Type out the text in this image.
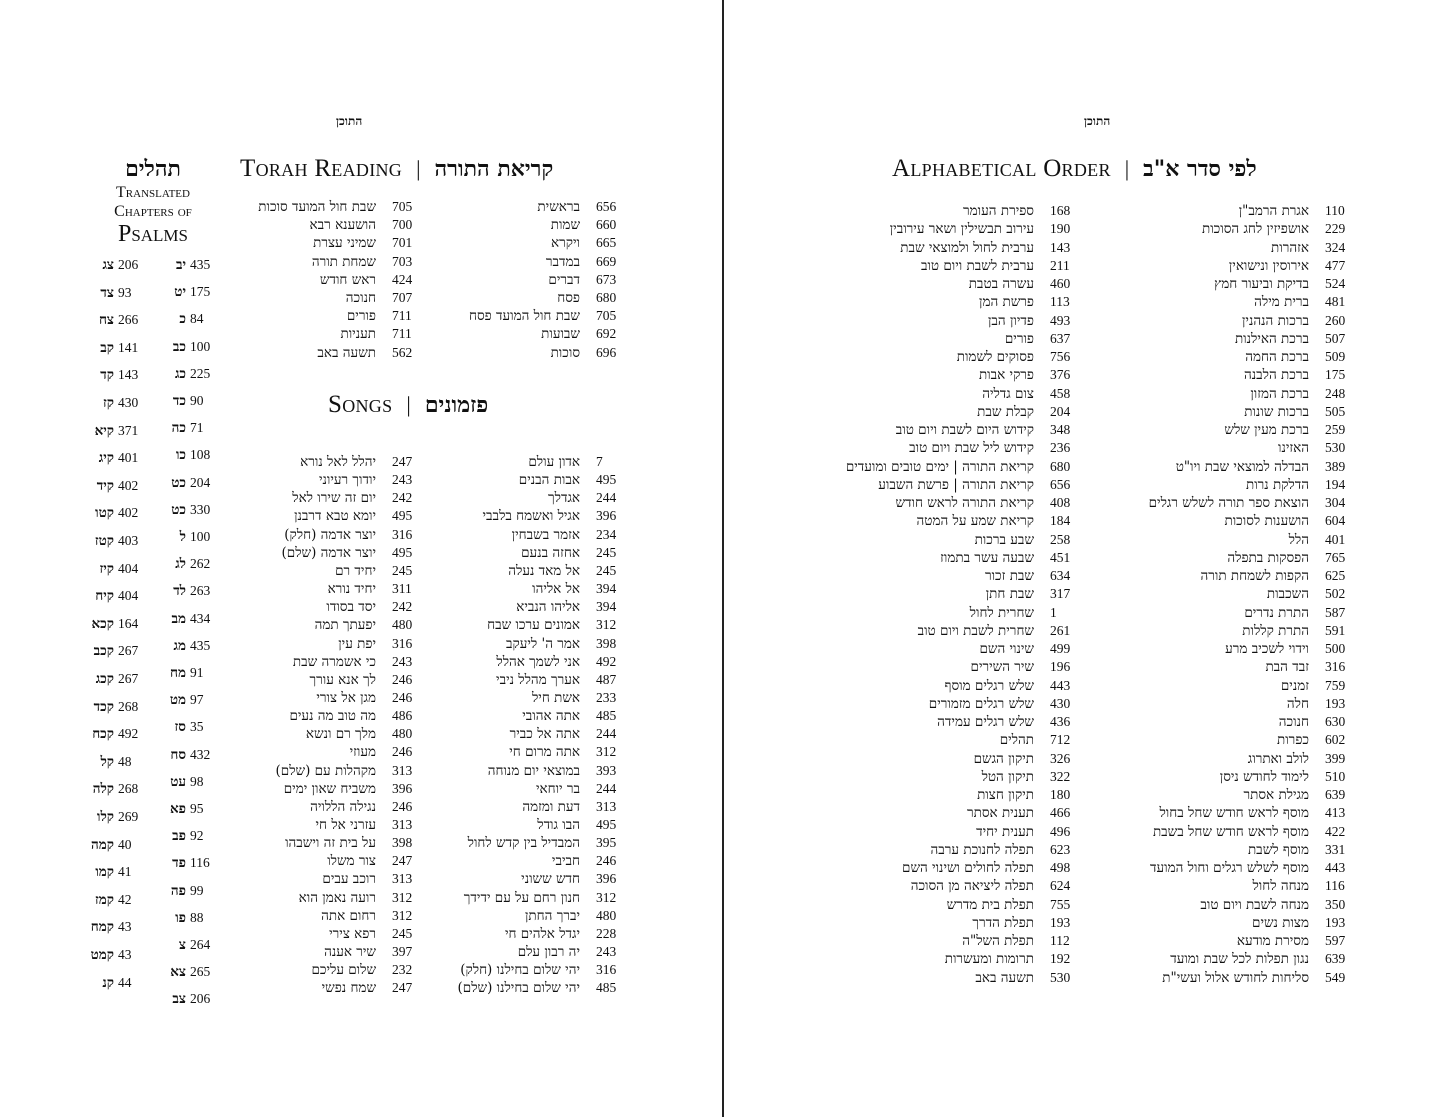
התוכן
Torah Reading | קריאת התורה
656
בראשית
660
שמות
665
ויקרא
669
במדבר
673
דברים
680
פסח
705
שבת חול המועד פסח
692
שבועות
696
סוכות
705
שבת חול המועד סוכות
700
הושענא רבא
701
שמיני עצרת
703
שמחת תורה
424
ראש חודש
707
חנוכה
711
פורים
711
תעניות
562
תשעה באב
Songs | פזמונים
7
אדון עולם
495
אבות הבנים
244
אגדלך
396
אגיל ואשמח בלבבי
234
אזמר בשבחין
245
אחזה בנעם
245
אל מאד נעלה
394
אל אליהו
394
אליהו הנביא
312
אמונים ערכו שבח
398
אמר ה' ליעקב
492
אני לשמך אהלל
487
אערך מהלל ניבי
233
אשת חיל
485
אתה אהובי
244
אתה אל כביר
312
אתה מרום חי
393
במוצאי יום מנוחה
244
בר יוחאי
313
דעת ומזמה
495
הבו גודל
395
המבדיל בין קדש לחול
246
חביבי
396
חדש ששוני
312
חנון רחם על עם ידידך
480
יברך החתן
228
יגדל אלהים חי
243
יה רבון עלם
316
יהי שלום בחילנו (חלק)
485
יהי שלום בחילנו (שלם)
247
יהלל לאל נורא
243
יודוך רעיוני
242
יום זה שירו לאל
495
יומא טבא דרבנן
316
יוצר אדמה (חלק)
495
יוצר אדמה (שלם)
245
יחיד רם
311
יחיד נורא
242
יסד בסודו
480
יפעתך תמה
316
יפת עין
243
כי אשמרה שבת
246
לך אנא עורך
246
מגן אל צורי
486
מה טוב מה נעים
480
מלך רם ונשא
246
מעוזי
313
מקהלות עם (שלם)
396
משביח שאון ימים
246
נגילה הללויה
313
עזרני אל חי
398
על בית זה וישבהו
247
צור משלו
313
רוכב עבים
312
רועה נאמן הוא
312
רחום אתה
245
רפא צירי
397
שיר אענה
232
שלום עליכם
247
שמח נפשי
תהלים
Translated
Chapters of
Psalms
435
יב
175
יט
84
כ
100
כב
225
כג
90
כד
71
כה
108
כו
204
כט
330
כט
100
ל
262
לג
263
לד
434
מב
435
מג
91
מח
97
מט
35
סז
432
סח
98
עט
95
פא
92
פב
116
פד
99
פה
88
פו
264
צ
265
צא
206
צב
206
צג
93
צד
266
צח
141
קב
143
קד
430
קז
371
קיא
401
קיג
402
קיד
402
קטו
403
קטז
404
קיז
404
קיח
164
קכא
267
קכב
267
קכג
268
קכד
492
קכח
48
קל
268
קלה
269
קלו
40
קמה
41
קמו
42
קמז
43
קמח
43
קמט
44
קנ
התוכן
Alphabetical Order | לפי סדר א"ב
110
אגרת הרמב"ן
229
אושפיזין לחג הסוכות
324
אזהרות
477
אירוסין ונישואין
524
בדיקת וביעור חמץ
481
ברית מילה
260
ברכות הנהנין
507
ברכת האילנות
509
ברכת החמה
175
ברכת הלבנה
248
ברכת המזון
505
ברכות שונות
259
ברכת מעין שלש
530
האזינו
389
הבדלה למוצאי שבת ויו"ט
194
הדלקת נרות
304
הוצאת ספר תורה לשלש רגלים
604
הושענות לסוכות
401
הלל
765
הפסקות בתפלה
625
הקפות לשמחת תורה
502
השכבות
587
התרת נדרים
591
התרת קללות
500
וידוי לשכיב מרע
316
זבד הבת
759
זמנים
193
חלה
630
חנוכה
602
כפרות
399
לולב ואתרוג
510
לימוד לחודש ניסן
639
מגילת אסתר
413
מוסף לראש חודש שחל בחול
422
מוסף לראש חודש שחל בשבת
331
מוסף לשבת
443
מוסף לשלש רגלים וחול המועד
116
מנחה לחול
350
מנחה לשבת ויום טוב
193
מצות נשים
597
מסירת מודעא
639
נגון תפלות לכל שבת ומועד
549
סליחות לחודש אלול ועשי"ת
168
ספירת העומר
190
עירוב תבשילין ושאר עירובין
143
ערבית לחול ולמוצאי שבת
211
ערבית לשבת ויום טוב
460
עשרה בטבת
113
פרשת המן
493
פדיון הבן
637
פורים
756
פסוקים לשמות
376
פרקי אבות
458
צום גדליה
204
קבלת שבת
348
קידוש היום לשבת ויום טוב
236
קידוש ליל שבת ויום טוב
680
קריאת התורה | ימים טובים ומועדים
656
קריאת התורה | פרשת השבוע
408
קריאת התורה לראש חודש
184
קריאת שמע על המטה
258
שבע ברכות
451
שבעה עשר בתמוז
634
שבת זכור
317
שבת חתן
1
שחרית לחול
261
שחרית לשבת ויום טוב
499
שינוי השם
196
שיר השירים
443
שלש רגלים מוסף
430
שלש רגלים מזמורים
436
שלש רגלים עמידה
712
תהלים
326
תיקון הגשם
322
תיקון הטל
180
תיקון חצות
466
תענית אסתר
496
תענית יחיד
623
תפלה לחנוכת ערבה
498
תפלה לחולים ושינוי השם
624
תפלה ליציאה מן הסוכה
755
תפלת בית מדרש
193
תפלת הדרך
112
תפלת השל"ה
192
תרומות ומעשרות
530
תשעה באב
